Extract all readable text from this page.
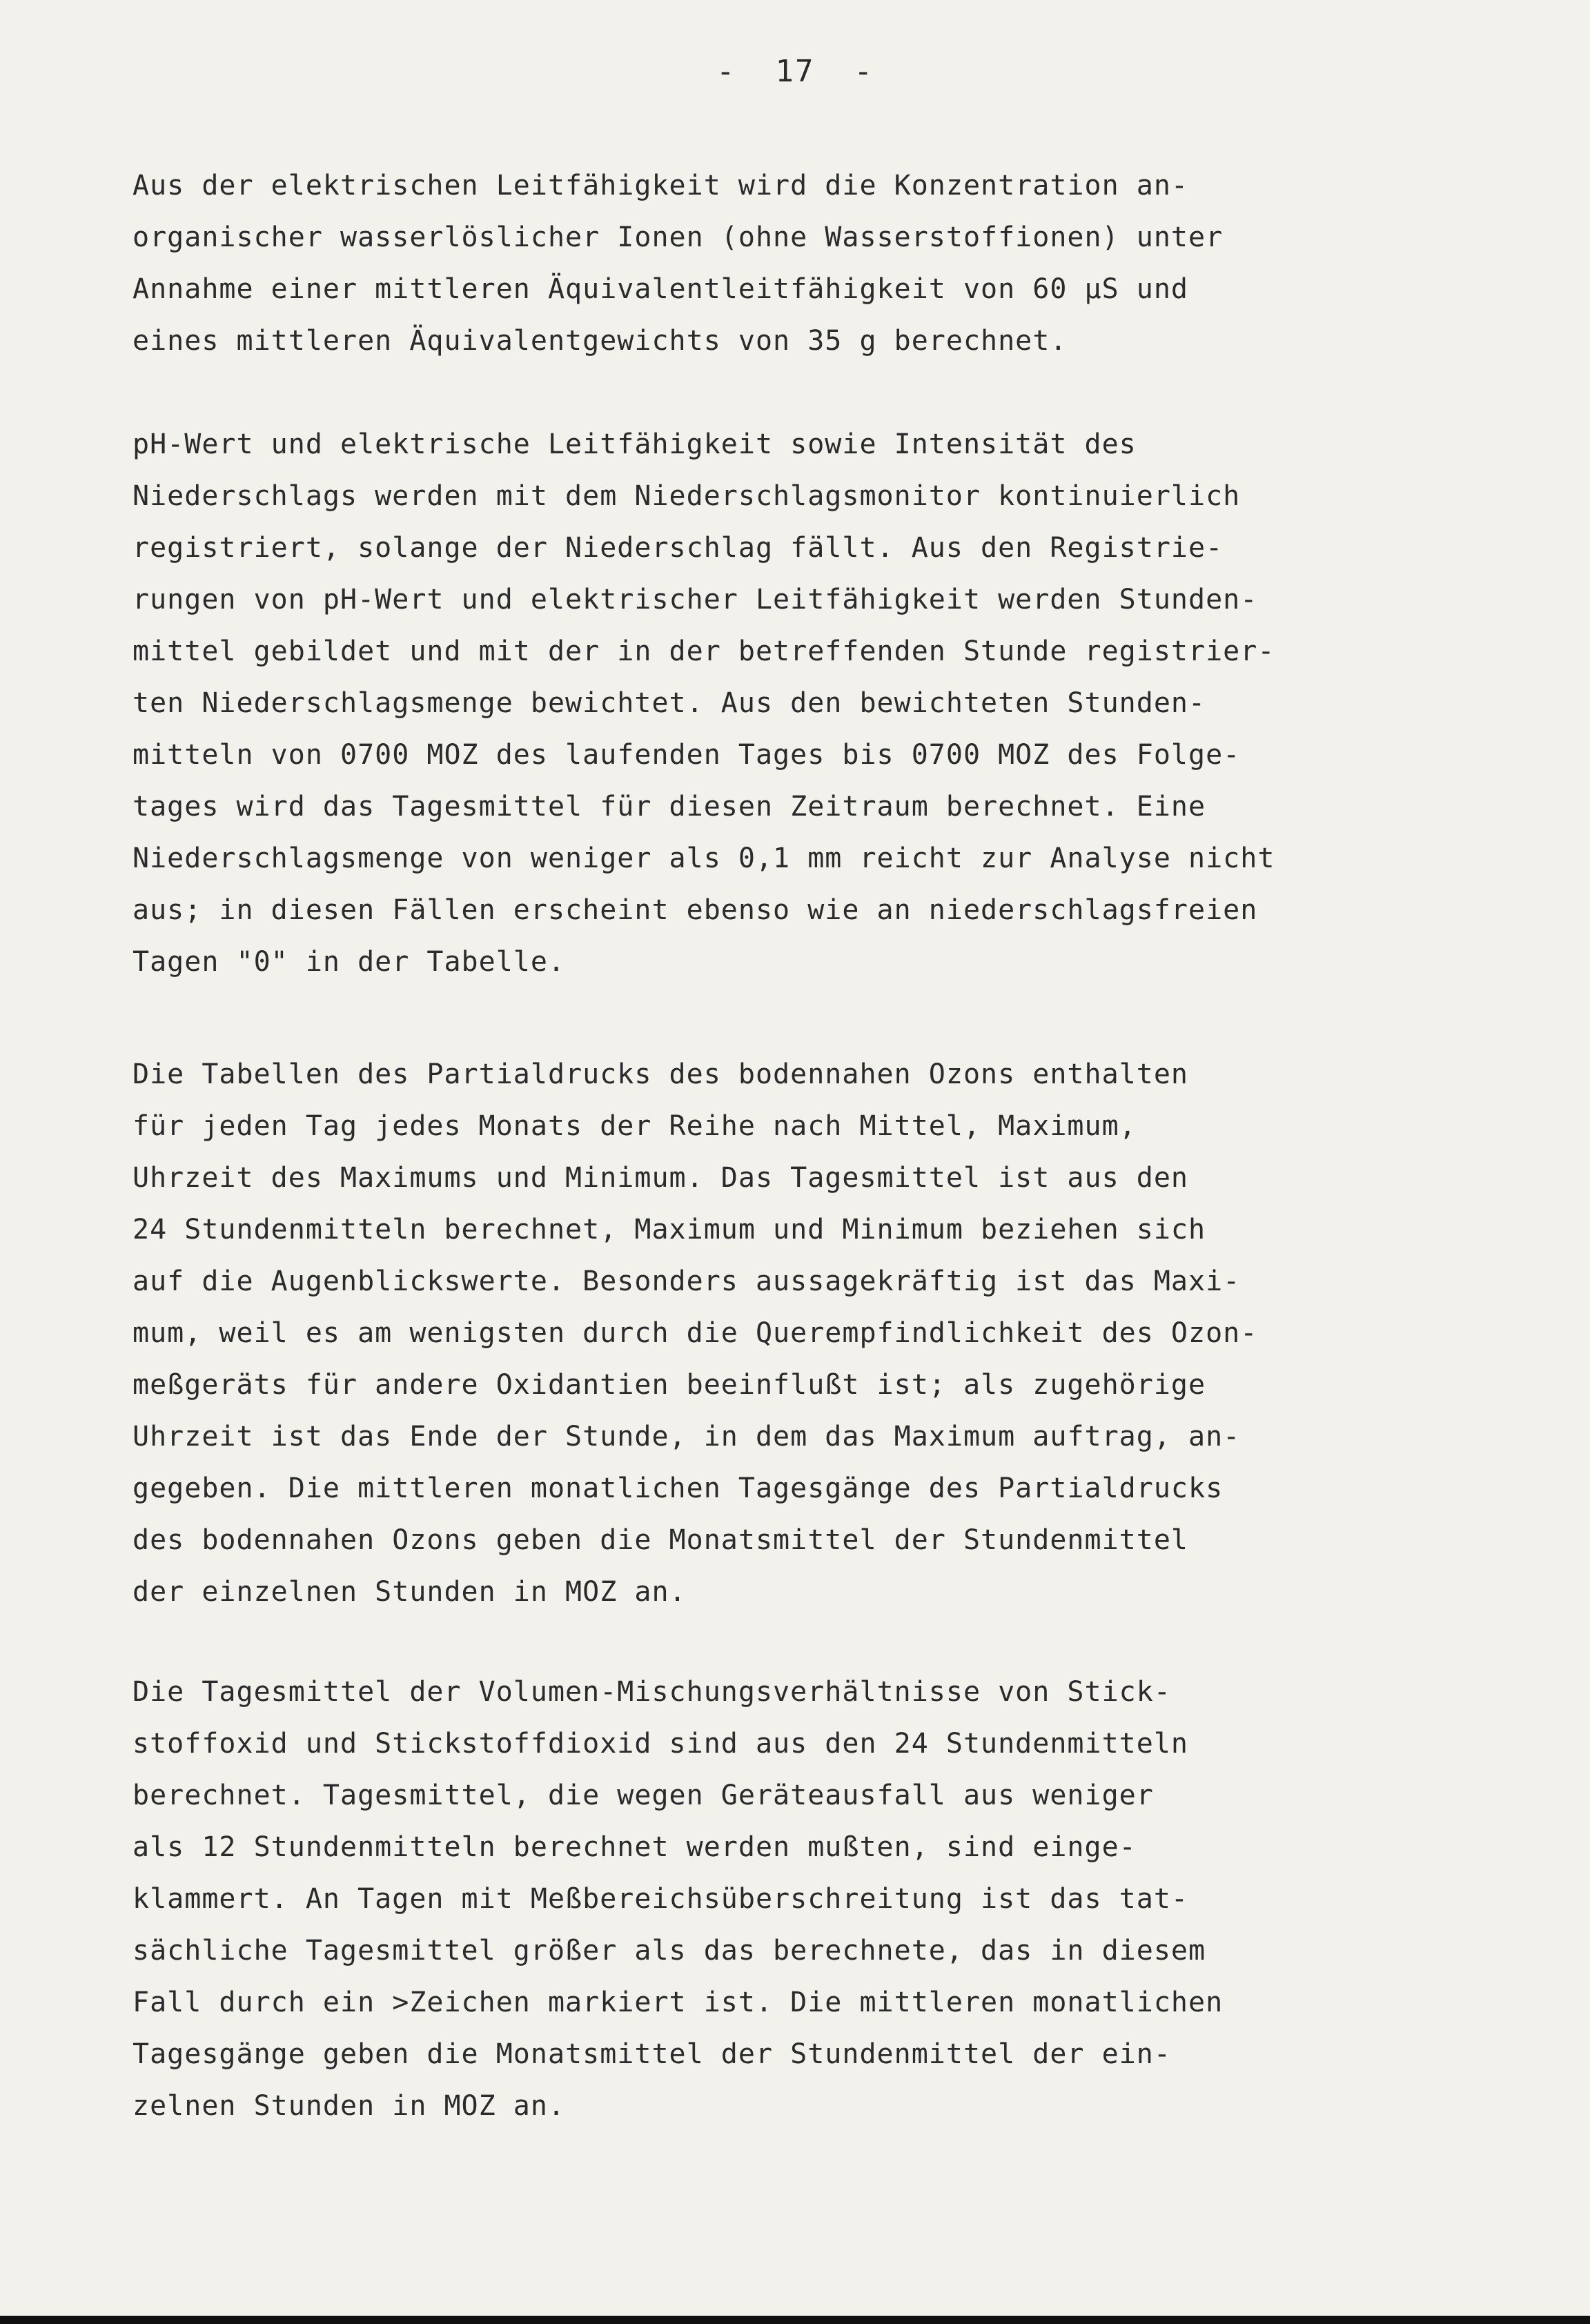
-  17  -
Aus der elektrischen Leitfähigkeit wird die Konzentration an-
organischer wasserlöslicher Ionen (ohne Wasserstoffionen) unter
Annahme einer mittleren Äquivalentleitfähigkeit von 60 µS und
eines mittleren Äquivalentgewichts von 35 g berechnet.
pH-Wert und elektrische Leitfähigkeit sowie Intensität des
Niederschlags werden mit dem Niederschlagsmonitor kontinuierlich
registriert, solange der Niederschlag fällt. Aus den Registrie-
rungen von pH-Wert und elektrischer Leitfähigkeit werden Stunden-
mittel gebildet und mit der in der betreffenden Stunde registrier-
ten Niederschlagsmenge bewichtet. Aus den bewichteten Stunden-
mitteln von 0700 MOZ des laufenden Tages bis 0700 MOZ des Folge-
tages wird das Tagesmittel für diesen Zeitraum berechnet. Eine
Niederschlagsmenge von weniger als 0,1 mm reicht zur Analyse nicht
aus; in diesen Fällen erscheint ebenso wie an niederschlagsfreien
Tagen "0" in der Tabelle.
Die Tabellen des Partialdrucks des bodennahen Ozons enthalten
für jeden Tag jedes Monats der Reihe nach Mittel, Maximum,
Uhrzeit des Maximums und Minimum. Das Tagesmittel ist aus den
24 Stundenmitteln berechnet, Maximum und Minimum beziehen sich
auf die Augenblickswerte. Besonders aussagekräftig ist das Maxi-
mum, weil es am wenigsten durch die Querempfindlichkeit des Ozon-
meßgeräts für andere Oxidantien beeinflußt ist; als zugehörige
Uhrzeit ist das Ende der Stunde, in dem das Maximum auftrag, an-
gegeben. Die mittleren monatlichen Tagesgänge des Partialdrucks
des bodennahen Ozons geben die Monatsmittel der Stundenmittel
der einzelnen Stunden in MOZ an.
Die Tagesmittel der Volumen-Mischungsverhältnisse von Stick-
stoffoxid und Stickstoffdioxid sind aus den 24 Stundenmitteln
berechnet. Tagesmittel, die wegen Geräteausfall aus weniger
als 12 Stundenmitteln berechnet werden mußten, sind einge-
klammert. An Tagen mit Meßbereichsüberschreitung ist das tat-
sächliche Tagesmittel größer als das berechnete, das in diesem
Fall durch ein >Zeichen markiert ist. Die mittleren monatlichen
Tagesgänge geben die Monatsmittel der Stundenmittel der ein-
zelnen Stunden in MOZ an.
